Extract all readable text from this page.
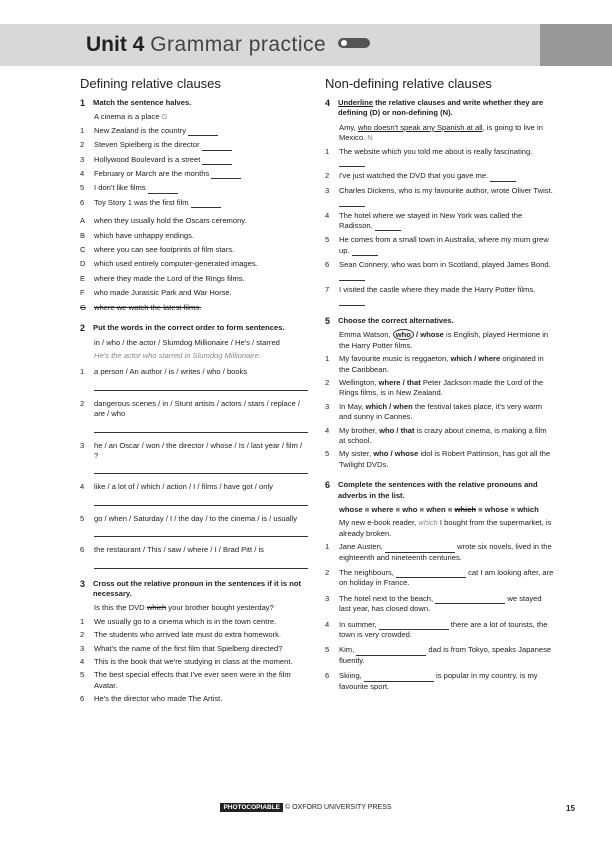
Unit 4 Grammar practice
Defining relative clauses
1	Match the sentence halves.
A cinema is a place G
1	New Zealand is the country
2	Steven Spielberg is the director
3	Hollywood Boulevard is a street
4	February or March are the months
5	I don't like films
6	Toy Story 1 was the first film
A	when they usually hold the Oscars ceremony.
B	which have unhappy endings.
C	where you can see footprints of film stars.
D	which used entirely computer-generated images.
E	where they made the Lord of the Rings films.
F	who made Jurassic Park and War Horse.
G	where we watch the latest films.
2	Put the words in the correct order to form sentences.
in / who / the actor / Slumdog Millionaire / He's / starred
He's the actor who starred in Slumdog Millionaire.
1	a person / An author / is / writes / who / books
2	dangerous scenes / in / Stunt artists / actors / stars / replace / are / who
3	he / an Oscar / won / the director / whose / Is / last year / film / ?
4	like / a lot of / which / action / I / films / have got / only
5	go / when / Saturday / I / the day / to the cinema / is / usually
6	the restaurant / This / saw / where / I / Brad Pitt / is
3	Cross out the relative pronoun in the sentences if it is not necessary.
Is this the DVD which your brother bought yesterday?
1	We usually go to a cinema which is in the town centre.
2	The students who arrived late must do extra homework.
3	What's the name of the first film that Spielberg directed?
4	This is the book that we're studying in class at the moment.
5	The best special effects that I've ever seen were in the film Avatar.
6	He's the director who made The Artist.
Non-defining relative clauses
4	Underline the relative clauses and write whether they are defining (D) or non-defining (N).
Amy, who doesn't speak any Spanish at all, is going to live in Mexico. N
1	The website which you told me about is really fascinating.
2	I've just watched the DVD that you gave me.
3	Charles Dickens, who is my favourite author, wrote Oliver Twist.
4	The hotel where we stayed in New York was called the Radisson.
5	He comes from a small town in Australia, where my mum grew up.
6	Sean Connery, who was born in Scotland, played James Bond.
7	I visited the castle where they made the Harry Potter films.
5	Choose the correct alternatives.
Emma Watson, who / whose is English, played Hermione in the Harry Potter films.
1	My favourite music is reggaeton, which / where originated in the Caribbean.
2	Wellington, where / that Peter Jackson made the Lord of the Rings films, is in New Zealand.
3	In May, which / when the festival takes place, it's very warm and sunny in Cannes.
4	My brother, who / that is crazy about cinema, is making a film at school.
5	My sister, who / whose idol is Robert Pattinson, has got all the Twilight DVDs.
6	Complete the sentences with the relative pronouns and adverbs in the list.
whose ■ where ■ who ■ when ■ which ■ whose ■ which
My new e-book reader, which I bought from the supermarket, is already broken.
1	Jane Austen,	wrote six novels, lived in the eighteenth and nineteenth centuries.
2	The neighbours,	cat I am looking after, are on holiday in France.
3	The hotel next to the beach,	we stayed last year, has closed down.
4	In summer,	there are a lot of tourists, the town is very crowded.
5	Kim,	dad is from Tokyo, speaks Japanese fluently.
6	Skiing,	is popular in my country, is my favourite sport.
PHOTOCOPIABLE © OXFORD UNIVERSITY PRESS	15
